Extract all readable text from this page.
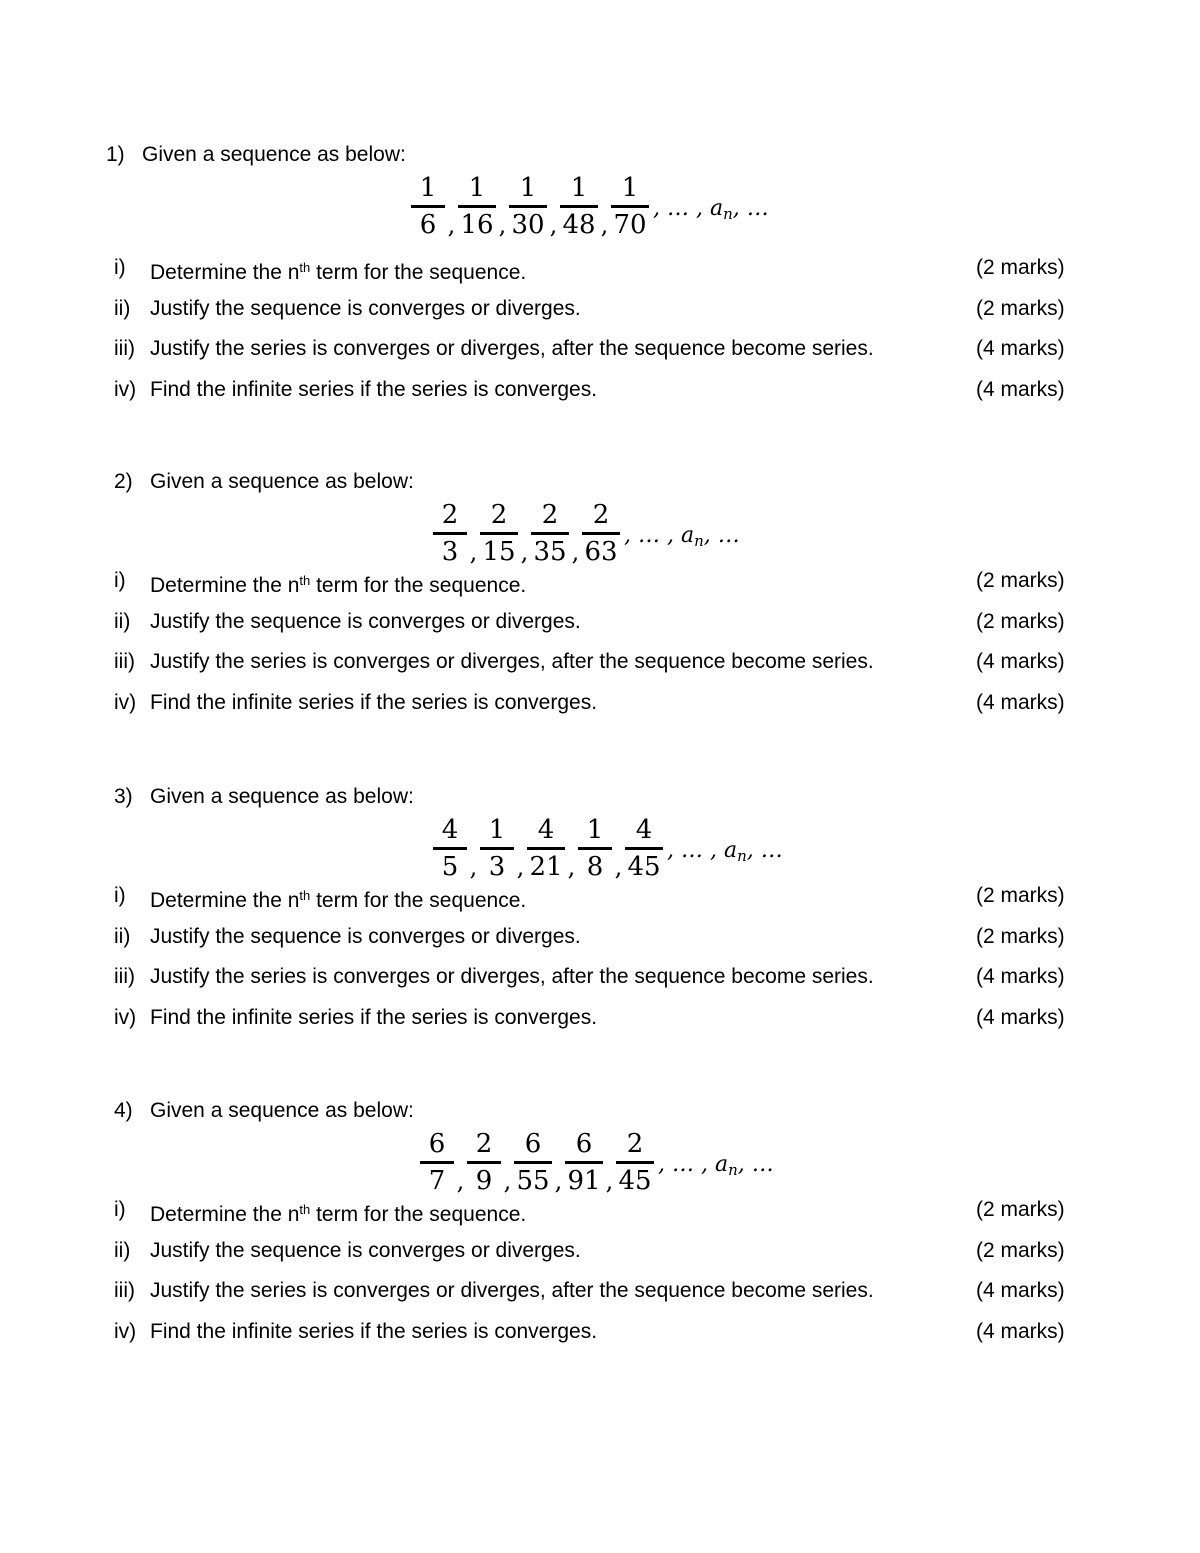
1) Given a sequence as below:
$\frac{1}{6}$ , $\frac{1}{16}$ , $\frac{1}{30}$ , $\frac{1}{48}$ , $\frac{1}{70}$ , … , $a_n$, …
i) Determine the $n^{th}$ term for the sequence.	(2 marks)
ii) Justify the sequence is converges or diverges.	(2 marks)
iii) Justify the series is converges or diverges, after the sequence become series.	(4 marks)
iv) Find the infinite series if the series is converges.	(4 marks)
2) Given a sequence as below:
$\frac{2}{3}$ , $\frac{2}{15}$ , $\frac{2}{35}$ , $\frac{2}{63}$ , … , $a_n$, …
i) Determine the $n^{th}$ term for the sequence.	(2 marks)
ii) Justify the sequence is converges or diverges.	(2 marks)
iii) Justify the series is converges or diverges, after the sequence become series.	(4 marks)
iv) Find the infinite series if the series is converges.	(4 marks)
3) Given a sequence as below:
$\frac{4}{5}$ , $\frac{1}{3}$ , $\frac{4}{21}$ , $\frac{1}{8}$ , $\frac{4}{45}$ , … , $a_n$, …
i) Determine the $n^{th}$ term for the sequence.	(2 marks)
ii) Justify the sequence is converges or diverges.	(2 marks)
iii) Justify the series is converges or diverges, after the sequence become series.	(4 marks)
iv) Find the infinite series if the series is converges.	(4 marks)
4) Given a sequence as below:
$\frac{6}{7}$ , $\frac{2}{9}$ , $\frac{6}{55}$ , $\frac{6}{91}$ , $\frac{2}{45}$ , … , $a_n$, …
i) Determine the $n^{th}$ term for the sequence.	(2 marks)
ii) Justify the sequence is converges or diverges.	(2 marks)
iii) Justify the series is converges or diverges, after the sequence become series.	(4 marks)
iv) Find the infinite series if the series is converges.	(4 marks)
